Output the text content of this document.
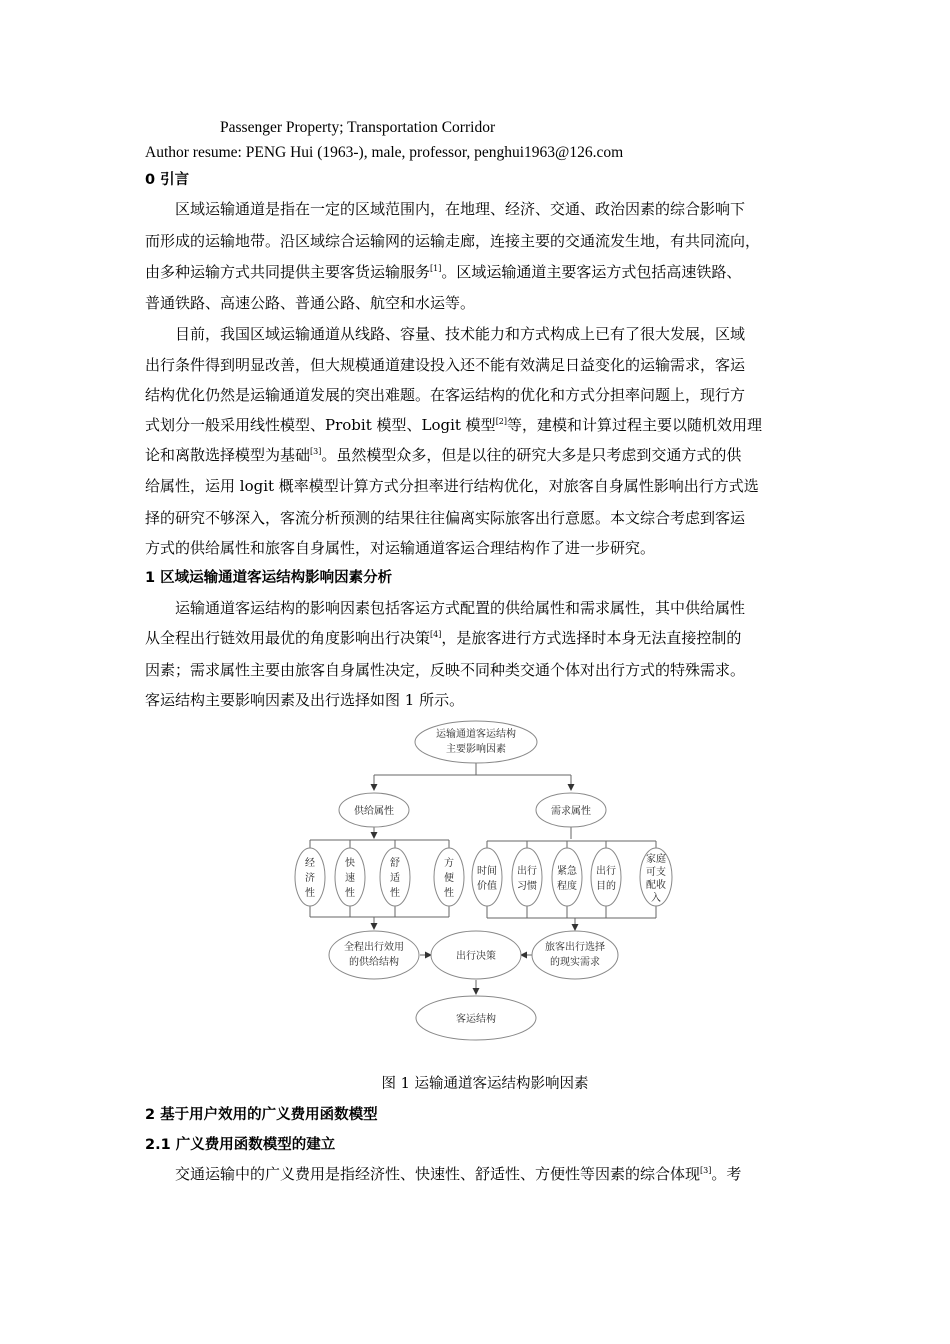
Passenger Property; Transportation Corridor
Author resume: PENG Hui (1963-), male, professor, penghui1963@126.com
0 引言
区域运输通道是指在一定的区域范围内，在地理、经济、交通、政治因素的综合影响下
而形成的运输地带。沿区域综合运输网的运输走廊，连接主要的交通流发生地，有共同流向，
由多种运输方式共同提供主要客货运输服务[1]。区域运输通道主要客运方式包括高速铁路、
普通铁路、高速公路、普通公路、航空和水运等。
目前，我国区域运输通道从线路、容量、技术能力和方式构成上已有了很大发展，区域
出行条件得到明显改善，但大规模通道建设投入还不能有效满足日益变化的运输需求，客运
结构优化仍然是运输通道发展的突出难题。在客运结构的优化和方式分担率问题上，现行方
式划分一般采用线性模型、Probit 模型、Logit 模型[2]等，建模和计算过程主要以随机效用理
论和离散选择模型为基础[3]。虽然模型众多，但是以往的研究大多是只考虑到交通方式的供
给属性，运用 logit 概率模型计算方式分担率进行结构优化，对旅客自身属性影响出行方式选
择的研究不够深入，客流分析预测的结果往往偏离实际旅客出行意愿。本文综合考虑到客运
方式的供给属性和旅客自身属性，对运输通道客运合理结构作了进一步研究。
1 区域运输通道客运结构影响因素分析
运输通道客运结构的影响因素包括客运方式配置的供给属性和需求属性，其中供给属性
从全程出行链效用最优的角度影响出行决策[4]，是旅客进行方式选择时本身无法直接控制的
因素；需求属性主要由旅客自身属性决定，反映不同种类交通个体对出行方式的特殊需求。
客运结构主要影响因素及出行选择如图 1 所示。
运输通道客运结构
主要影响因素
供给属性	需求属性
经
济
性
快
速
性
舒
适
性
方
便
性
时间
价值
出行
习惯
紧急
程度
出行
目的
家庭
可支
配收
入
全程出行效用
的供给结构
出行决策
旅客出行选择
的现实需求
客运结构
图 1 运输通道客运结构影响因素
2 基于用户效用的广义费用函数模型
2.1 广义费用函数模型的建立
交通运输中的广义费用是指经济性、快速性、舒适性、方便性等因素的综合体现[3]。考
